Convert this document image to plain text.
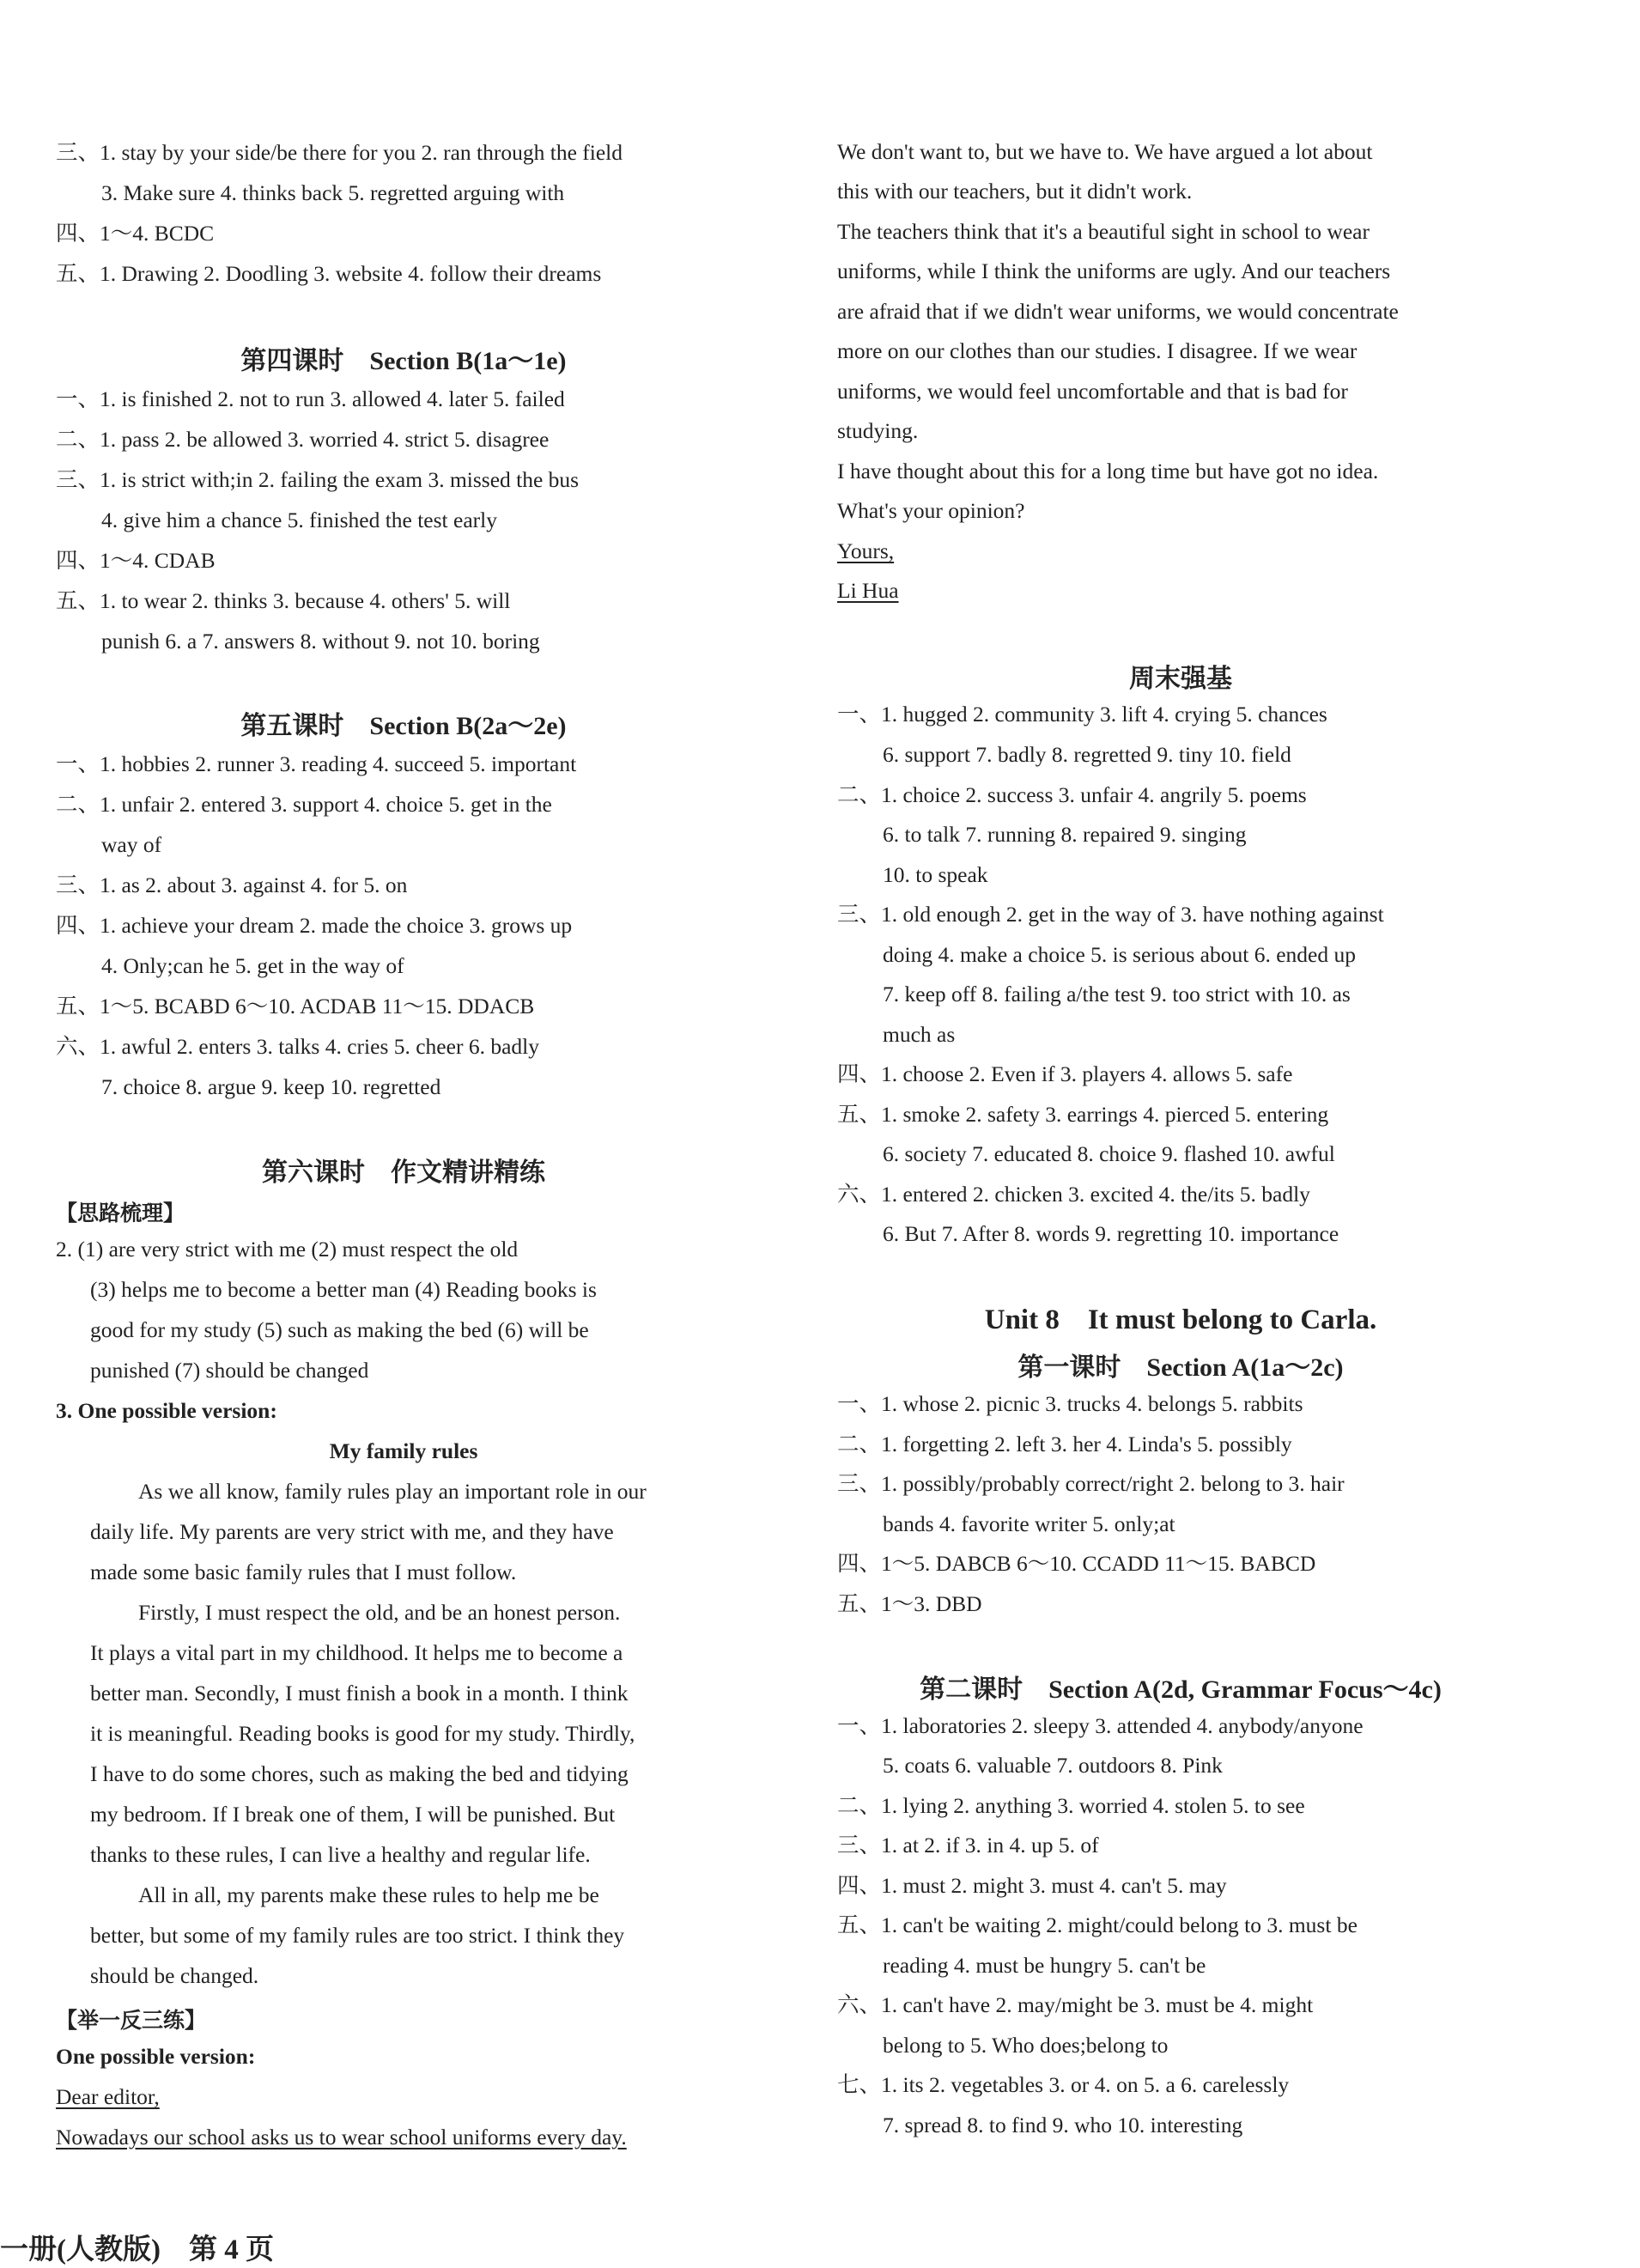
三、1. stay by your side/be there for you 2. ran through the field
3. Make sure 4. thinks back 5. regretted arguing with
四、1～4. BCDC
五、1. Drawing 2. Doodling 3. website 4. follow their dreams
第四课时　Section B(1a～1e)
一、1. is finished 2. not to run 3. allowed 4. later 5. failed
二、1. pass 2. be allowed 3. worried 4. strict 5. disagree
三、1. is strict with;in 2. failing the exam 3. missed the bus
4. give him a chance 5. finished the test early
四、1～4. CDAB
五、1. to wear 2. thinks 3. because 4. others' 5. will
punish 6. a 7. answers 8. without 9. not 10. boring
第五课时　Section B(2a～2e)
一、1. hobbies 2. runner 3. reading 4. succeed 5. important
二、1. unfair 2. entered 3. support 4. choice 5. get in the
way of
三、1. as 2. about 3. against 4. for 5. on
四、1. achieve your dream 2. made the choice 3. grows up
4. Only;can he 5. get in the way of
五、1～5. BCABD 6～10. ACDAB 11～15. DDACB
六、1. awful 2. enters 3. talks 4. cries 5. cheer 6. badly
7. choice 8. argue 9. keep 10. regretted
第六课时　作文精讲精练
【思路梳理】
2. (1) are very strict with me (2) must respect the old
(3) helps me to become a better man (4) Reading books is
good for my study (5) such as making the bed (6) will be
punished (7) should be changed
3. One possible version:
My family rules
As we all know, family rules play an important role in our
daily life. My parents are very strict with me, and they have
made some basic family rules that I must follow.
Firstly, I must respect the old, and be an honest person.
It plays a vital part in my childhood. It helps me to become a
better man. Secondly, I must finish a book in a month. I think
it is meaningful. Reading books is good for my study. Thirdly,
I have to do some chores, such as making the bed and tidying
my bedroom. If I break one of them, I will be punished. But
thanks to these rules, I can live a healthy and regular life.
All in all, my parents make these rules to help me be
better, but some of my family rules are too strict. I think they
should be changed.
【举一反三练】
One possible version:
Dear editor,
Nowadays our school asks us to wear school uniforms every day.
We don't want to, but we have to. We have argued a lot about
this with our teachers, but it didn't work.
The teachers think that it's a beautiful sight in school to wear
uniforms, while I think the uniforms are ugly. And our teachers
are afraid that if we didn't wear uniforms, we would concentrate
more on our clothes than our studies. I disagree. If we wear
uniforms, we would feel uncomfortable and that is bad for
studying.
I have thought about this for a long time but have got no idea.
What's your opinion?
Yours,
Li Hua
周末强基
一、1. hugged 2. community 3. lift 4. crying 5. chances
6. support 7. badly 8. regretted 9. tiny 10. field
二、1. choice 2. success 3. unfair 4. angrily 5. poems
6. to talk 7. running 8. repaired 9. singing
10. to speak
三、1. old enough 2. get in the way of 3. have nothing against
doing 4. make a choice 5. is serious about 6. ended up
7. keep off 8. failing a/the test 9. too strict with 10. as
much as
四、1. choose 2. Even if 3. players 4. allows 5. safe
五、1. smoke 2. safety 3. earrings 4. pierced 5. entering
6. society 7. educated 8. choice 9. flashed 10. awful
六、1. entered 2. chicken 3. excited 4. the/its 5. badly
6. But 7. After 8. words 9. regretting 10. importance
Unit 8　It must belong to Carla.
第一课时　Section A(1a～2c)
一、1. whose 2. picnic 3. trucks 4. belongs 5. rabbits
二、1. forgetting 2. left 3. her 4. Linda's 5. possibly
三、1. possibly/probably correct/right 2. belong to 3. hair
bands 4. favorite writer 5. only;at
四、1～5. DABCB 6～10. CCADD 11～15. BABCD
五、1～3. DBD
第二课时　Section A(2d, Grammar Focus～4c)
一、1. laboratories 2. sleepy 3. attended 4. anybody/anyone
5. coats 6. valuable 7. outdoors 8. Pink
二、1. lying 2. anything 3. worried 4. stolen 5. to see
三、1. at 2. if 3. in 4. up 5. of
四、1. must 2. might 3. must 4. can't 5. may
五、1. can't be waiting 2. might/could belong to 3. must be
reading 4. must be hungry 5. can't be
六、1. can't have 2. may/might be 3. must be 4. might
belong to 5. Who does;belong to
七、1. its 2. vegetables 3. or 4. on 5. a 6. carelessly
7. spread 8. to find 9. who 10. interesting
一册(人教版)　第 4 页
